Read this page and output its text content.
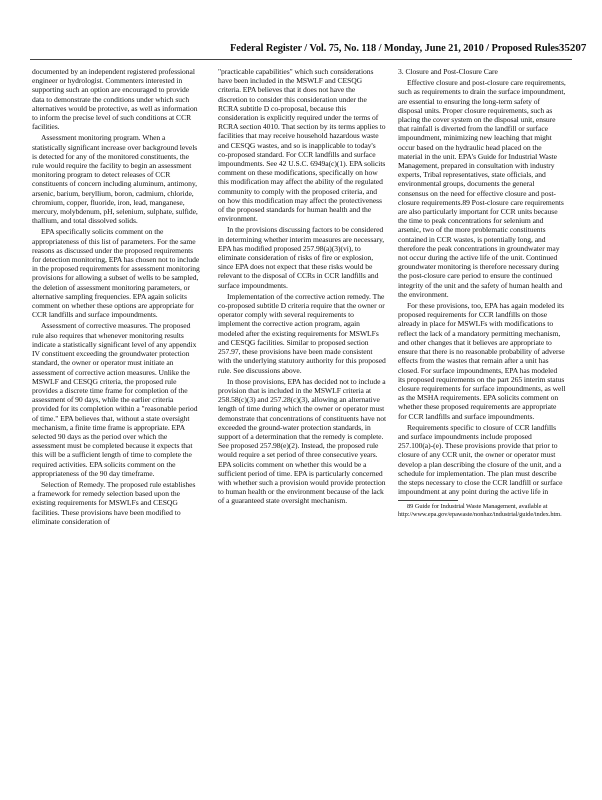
Federal Register / Vol. 75, No. 118 / Monday, June 21, 2010 / Proposed Rules 35207

documented by an independent registered professional engineer or hydrologist. Commenters interested in supporting such an option are encouraged to provide data to demonstrate the conditions under which such alternatives would be protective, as well as information to inform the precise level of such conditions at CCR facilities.

Assessment monitoring program. When a statistically significant increase over background levels is detected for any of the monitored constituents, the rule would require the facility to begin an assessment monitoring program to detect releases of CCR constituents of concern including aluminum, antimony, arsenic, barium, beryllium, boron, cadmium, chloride, chromium, copper, fluoride, iron, lead, manganese, mercury, molybdenum, pH, selenium, sulphate, sulfide, thallium, and total dissolved solids.

EPA specifically solicits comment on the appropriateness of this list of parameters. For the same reasons as discussed under the proposed requirements for detection monitoring, EPA has chosen not to include in the proposed requirements for assessment monitoring provisions for allowing a subset of wells to be sampled, the deletion of assessment monitoring parameters, or alternative sampling frequencies. EPA again solicits comment on whether these options are appropriate for CCR landfills and surface impoundments.

Assessment of corrective measures. The proposed rule also requires that whenever monitoring results indicate a statistically significant level of any appendix IV constituent exceeding the groundwater protection standard, the owner or operator must initiate an assessment of corrective action measures. Unlike the MSWLF and CESQG criteria, the proposed rule provides a discrete time frame for completion of the assessment of 90 days, while the earlier criteria provided for its completion within a "reasonable period of time." EPA believes that, without a state oversight mechanism, a finite time frame is appropriate. EPA selected 90 days as the period over which the assessment must be completed because it expects that this will be a sufficient length of time to complete the required activities. EPA solicits comment on the appropriateness of the 90 day timeframe.

Selection of Remedy. The proposed rule establishes a framework for remedy selection based upon the existing requirements for MSWLFs and CESQG facilities. These provisions have been modified to eliminate consideration of

"practicable capabilities" which such considerations have been included in the MSWLF and CESQG criteria. EPA believes that it does not have the discretion to consider this consideration under the RCRA subtitle D co-proposal, because this consideration is explicitly required under the terms of RCRA section 4010. That section by its terms applies to facilities that may receive household hazardous waste and CESQG wastes, and so is inapplicable to today's co-proposed standard. For CCR landfills and surface impoundments. See 42 U.S.C. 6949a(c)(1). EPA solicits comment on these modifications, specifically on how this modification may affect the ability of the regulated community to comply with the proposed criteria, and on how this modification may affect the protectiveness of the proposed standards for human health and the environment.

In the provisions discussing factors to be considered in determining whether interim measures are necessary, EPA has modified proposed 257.98(a)(3)(vi), to eliminate consideration of risks of fire or explosion, since EPA does not expect that these risks would be relevant to the disposal of CCRs in CCR landfills and surface impoundments.

Implementation of the corrective action remedy. The co-proposed subtitle D criteria require that the owner or operator comply with several requirements to implement the corrective action program, again modeled after the existing requirements for MSWLFs and CESQG facilities. Similar to proposed section 257.97, these provisions have been made consistent with the underlying statutory authority for this proposed rule. See discussions above.

In those provisions, EPA has decided not to include a provision that is included in the MSWLF criteria at 258.58(c)(3) and 257.28(c)(3), allowing an alternative length of time during which the owner or operator must demonstrate that concentrations of constituents have not exceeded the ground-water protection standards, in support of a determination that the remedy is complete. See proposed 257.98(e)(2). Instead, the proposed rule would require a set period of three consecutive years. EPA solicits comment on whether this would be a sufficient period of time. EPA is particularly concerned with whether such a provision would provide protection to human health or the environment because of the lack of a guaranteed state oversight mechanism.

3. Closure and Post-Closure Care

Effective closure and post-closure care requirements, such as requirements to drain the surface impoundment, are essential to ensuring the long-term safety of disposal units. Proper closure requirements, such as placing the cover system on the disposal unit, ensure that rainfall is diverted from the landfill or surface impoundment, minimizing new leaching that might occur based on the hydraulic head placed on the material in the unit. EPA's Guide for Industrial Waste Management, prepared in consultation with industry experts, Tribal representatives, state officials, and environmental groups, documents the general consensus on the need for effective closure and post-closure requirements.89 Post-closure care requirements are also particularly important for CCR units because the time to peak concentrations for selenium and arsenic, two of the more problematic constituents contained in CCR wastes, is potentially long, and therefore the peak concentrations in groundwater may not occur during the active life of the unit. Continued groundwater monitoring is therefore necessary during the post-closure care period to ensure the continued integrity of the unit and the safety of human health and the environment.

For these provisions, too, EPA has again modeled its proposed requirements for CCR landfills on those already in place for MSWLFs with modifications to reflect the lack of a mandatory permitting mechanism, and other changes that it believes are appropriate to ensure that there is no reasonable probability of adverse effects from the wastes that remain after a unit has closed. For surface impoundments, EPA has modeled its proposed requirements on the part 265 interim status closure requirements for surface impoundments, as well as the MSHA requirements. EPA solicits comment on whether these proposed requirements are appropriate for CCR landfills and surface impoundments.

Requirements specific to closure of CCR landfills and surface impoundments include proposed 257.100(a)-(e). These provisions provide that prior to closure of any CCR unit, the owner or operator must develop a plan describing the closure of the unit, and a schedule for implementation. The plan must describe the steps necessary to close the CCR landfill or surface impoundment at any point during the active life in

89 Guide for Industrial Waste Management, available at http://www.epa.gov/epawaste/nonhaz/industrial/guide/index.htm.
